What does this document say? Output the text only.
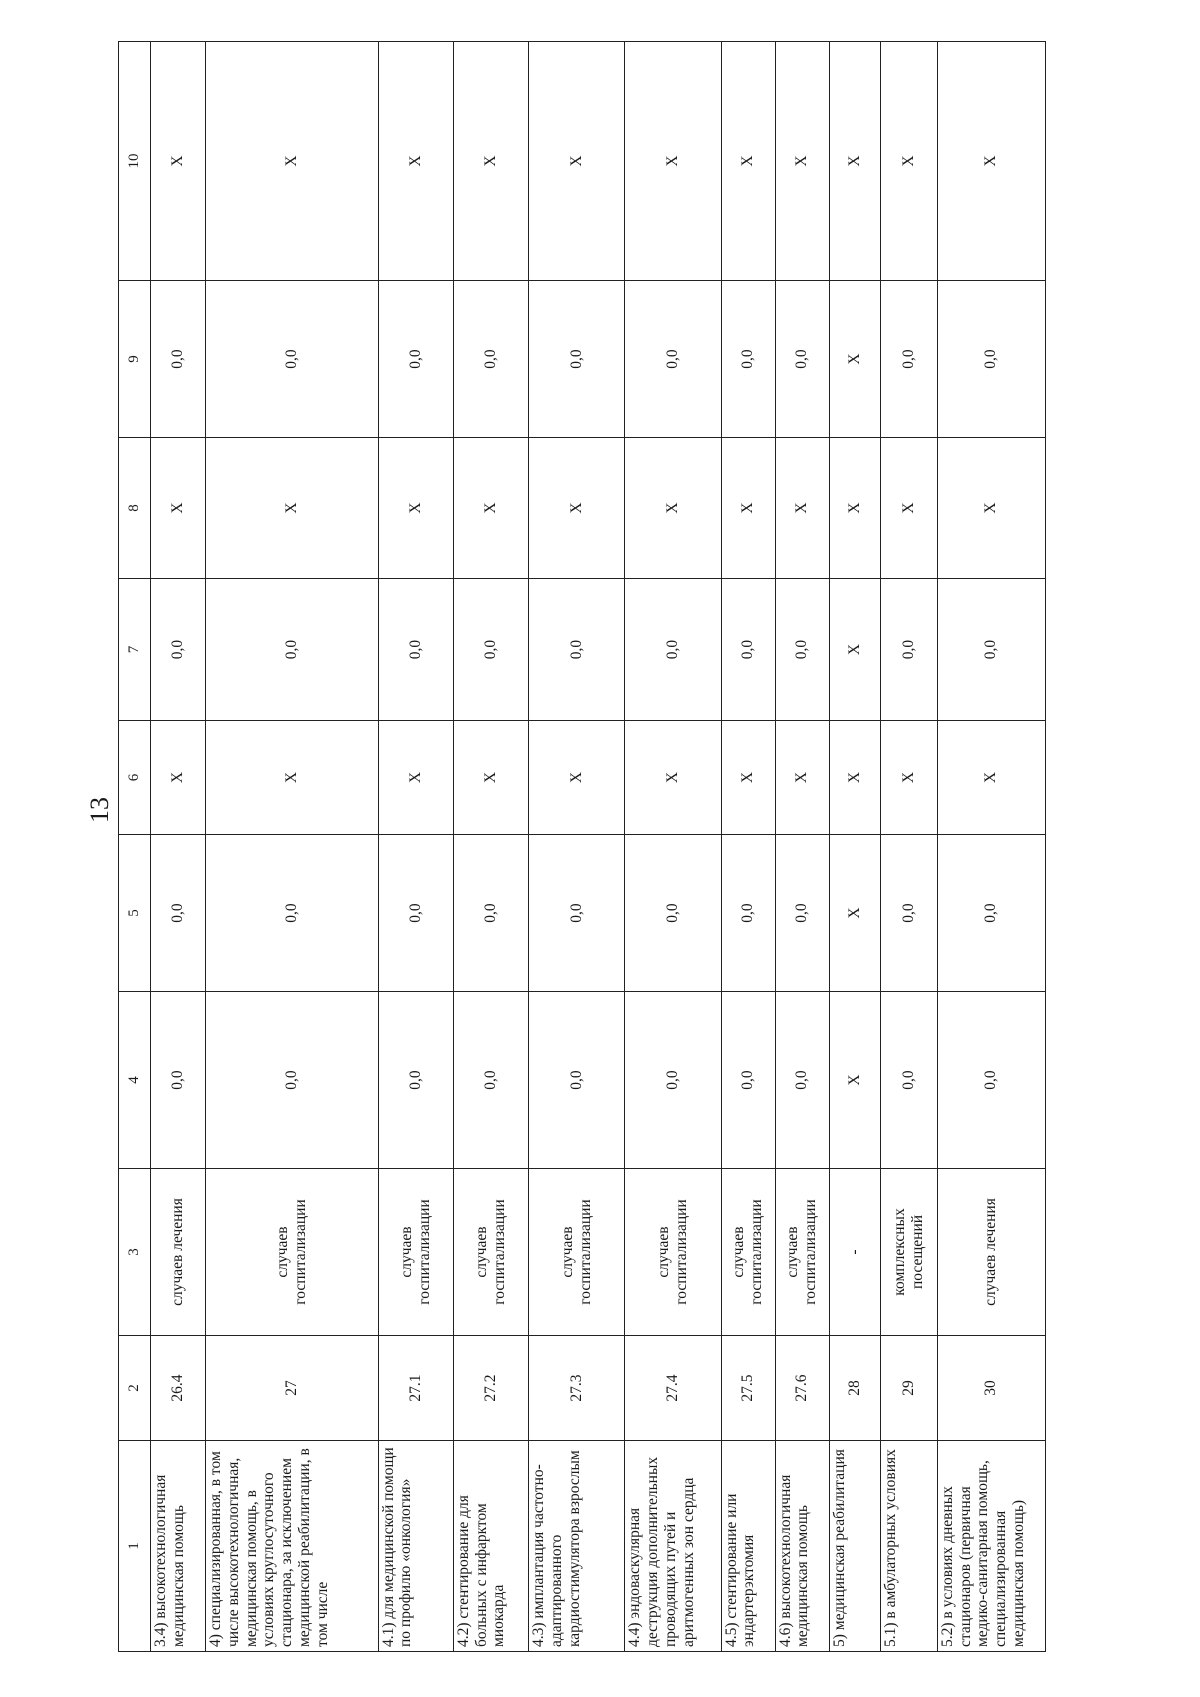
13
1	2	3	4	5	6	7	8	9	10
3.4) высокотехнологичная медицинская помощь	26.4	случаев лечения	0,0	0,0	X	0,0	X	0,0	X
4) специализированная, в том числе высокотехнологичная, медицинская помощь, в условиях круглосуточного стационара, за исключением медицинской реабилитации, в том числе	27	случаев госпитализации	0,0	0,0	X	0,0	X	0,0	X
4.1) для медицинской помощи по профилю «онкология»	27.1	случаев госпитализации	0,0	0,0	X	0,0	X	0,0	X
4.2) стентирование для больных с инфарктом миокарда	27.2	случаев госпитализации	0,0	0,0	X	0,0	X	0,0	X
4.3) имплантация частотно-адаптированного кардиостимулятора взрослым	27.3	случаев госпитализации	0,0	0,0	X	0,0	X	0,0	X
4.4) эндоваскулярная деструкция дополнительных проводящих путей и аритмогенных зон сердца	27.4	случаев госпитализации	0,0	0,0	X	0,0	X	0,0	X
4.5) стентирование или эндартерэктомия	27.5	случаев госпитализации	0,0	0,0	X	0,0	X	0,0	X
4.6) высокотехнологичная медицинская помощь	27.6	случаев госпитализации	0,0	0,0	X	0,0	X	0,0	X
5) медицинская реабилитация	28	-	X	X	X	X	X	X	X
5.1) в амбулаторных условиях	29	комплексных посещений	0,0	0,0	X	0,0	X	0,0	X
5.2) в условиях дневных стационаров (первичная медико-санитарная помощь, специализированная медицинская помощь)	30	случаев лечения	0,0	0,0	X	0,0	X	0,0	X
